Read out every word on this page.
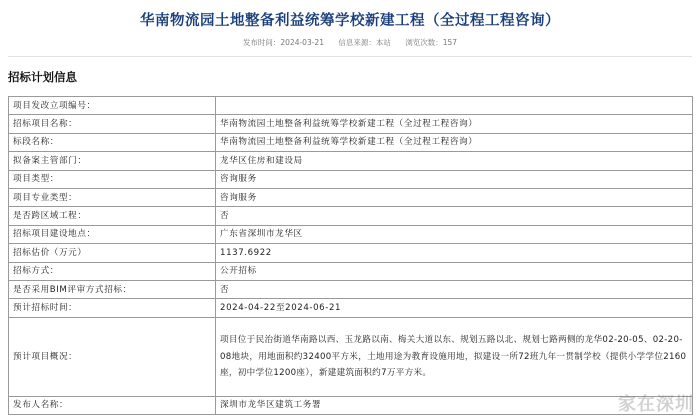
华南物流园土地整备利益统筹学校新建工程（全过程工程咨询）
发布时间：2024-03-21 信息来源：本站 浏览次数：157
招标计划信息
项目发改立项编号：	
招标项目名称：	华南物流园土地整备利益统筹学校新建工程（全过程工程咨询）
标段名称：	华南物流园土地整备利益统筹学校新建工程（全过程工程咨询）
拟备案主管部门：	龙华区住房和建设局
项目类型：	咨询服务
项目专业类型：	咨询服务
是否跨区域工程：	否
招标项目建设地点：	广东省深圳市龙华区
招标估价（万元）	1137.6922
招标方式：	公开招标
是否采用BIM评审方式招标：	否
预计招标时间：	2024-04-22至2024-06-21
预计项目概况：	项目位于民治街道华南路以西、玉龙路以南、梅关大道以东、规划五路以北、规划七路两侧的龙华02-20-05、02-20-08地块，用地面积约32400平方米，土地用途为教育设施用地，拟建设一所72班九年一贯制学校（提供小学学位2160座，初中学位1200座），新建建筑面积约7万平方米。
发布人名称：	深圳市龙华区建筑工务署	家在深圳
